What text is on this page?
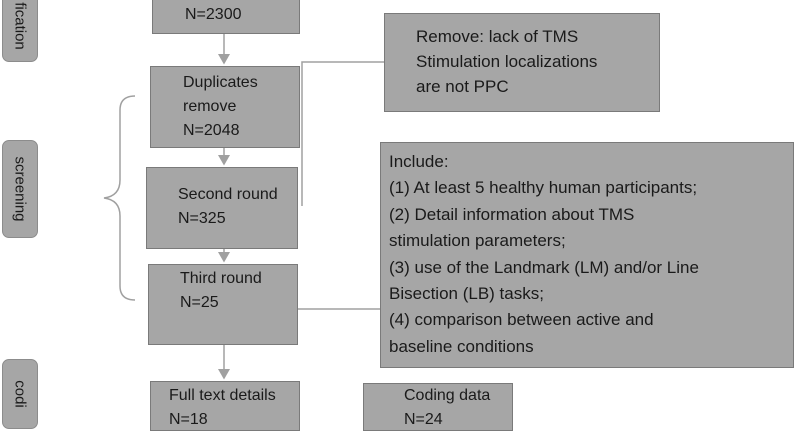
fication
screening
codi
N=2300
Duplicates
remove
N=2048
Second round
N=325
Third round
N=25
Full text details
N=18
Coding data
N=24
Remove: lack of TMS
Stimulation localizations
are not PPC
Include:
(1) At least 5 healthy human participants;
(2) Detail information about TMS
stimulation parameters;
(3) use of the Landmark (LM) and/or Line
Bisection (LB) tasks;
(4) comparison between active and
baseline conditions
